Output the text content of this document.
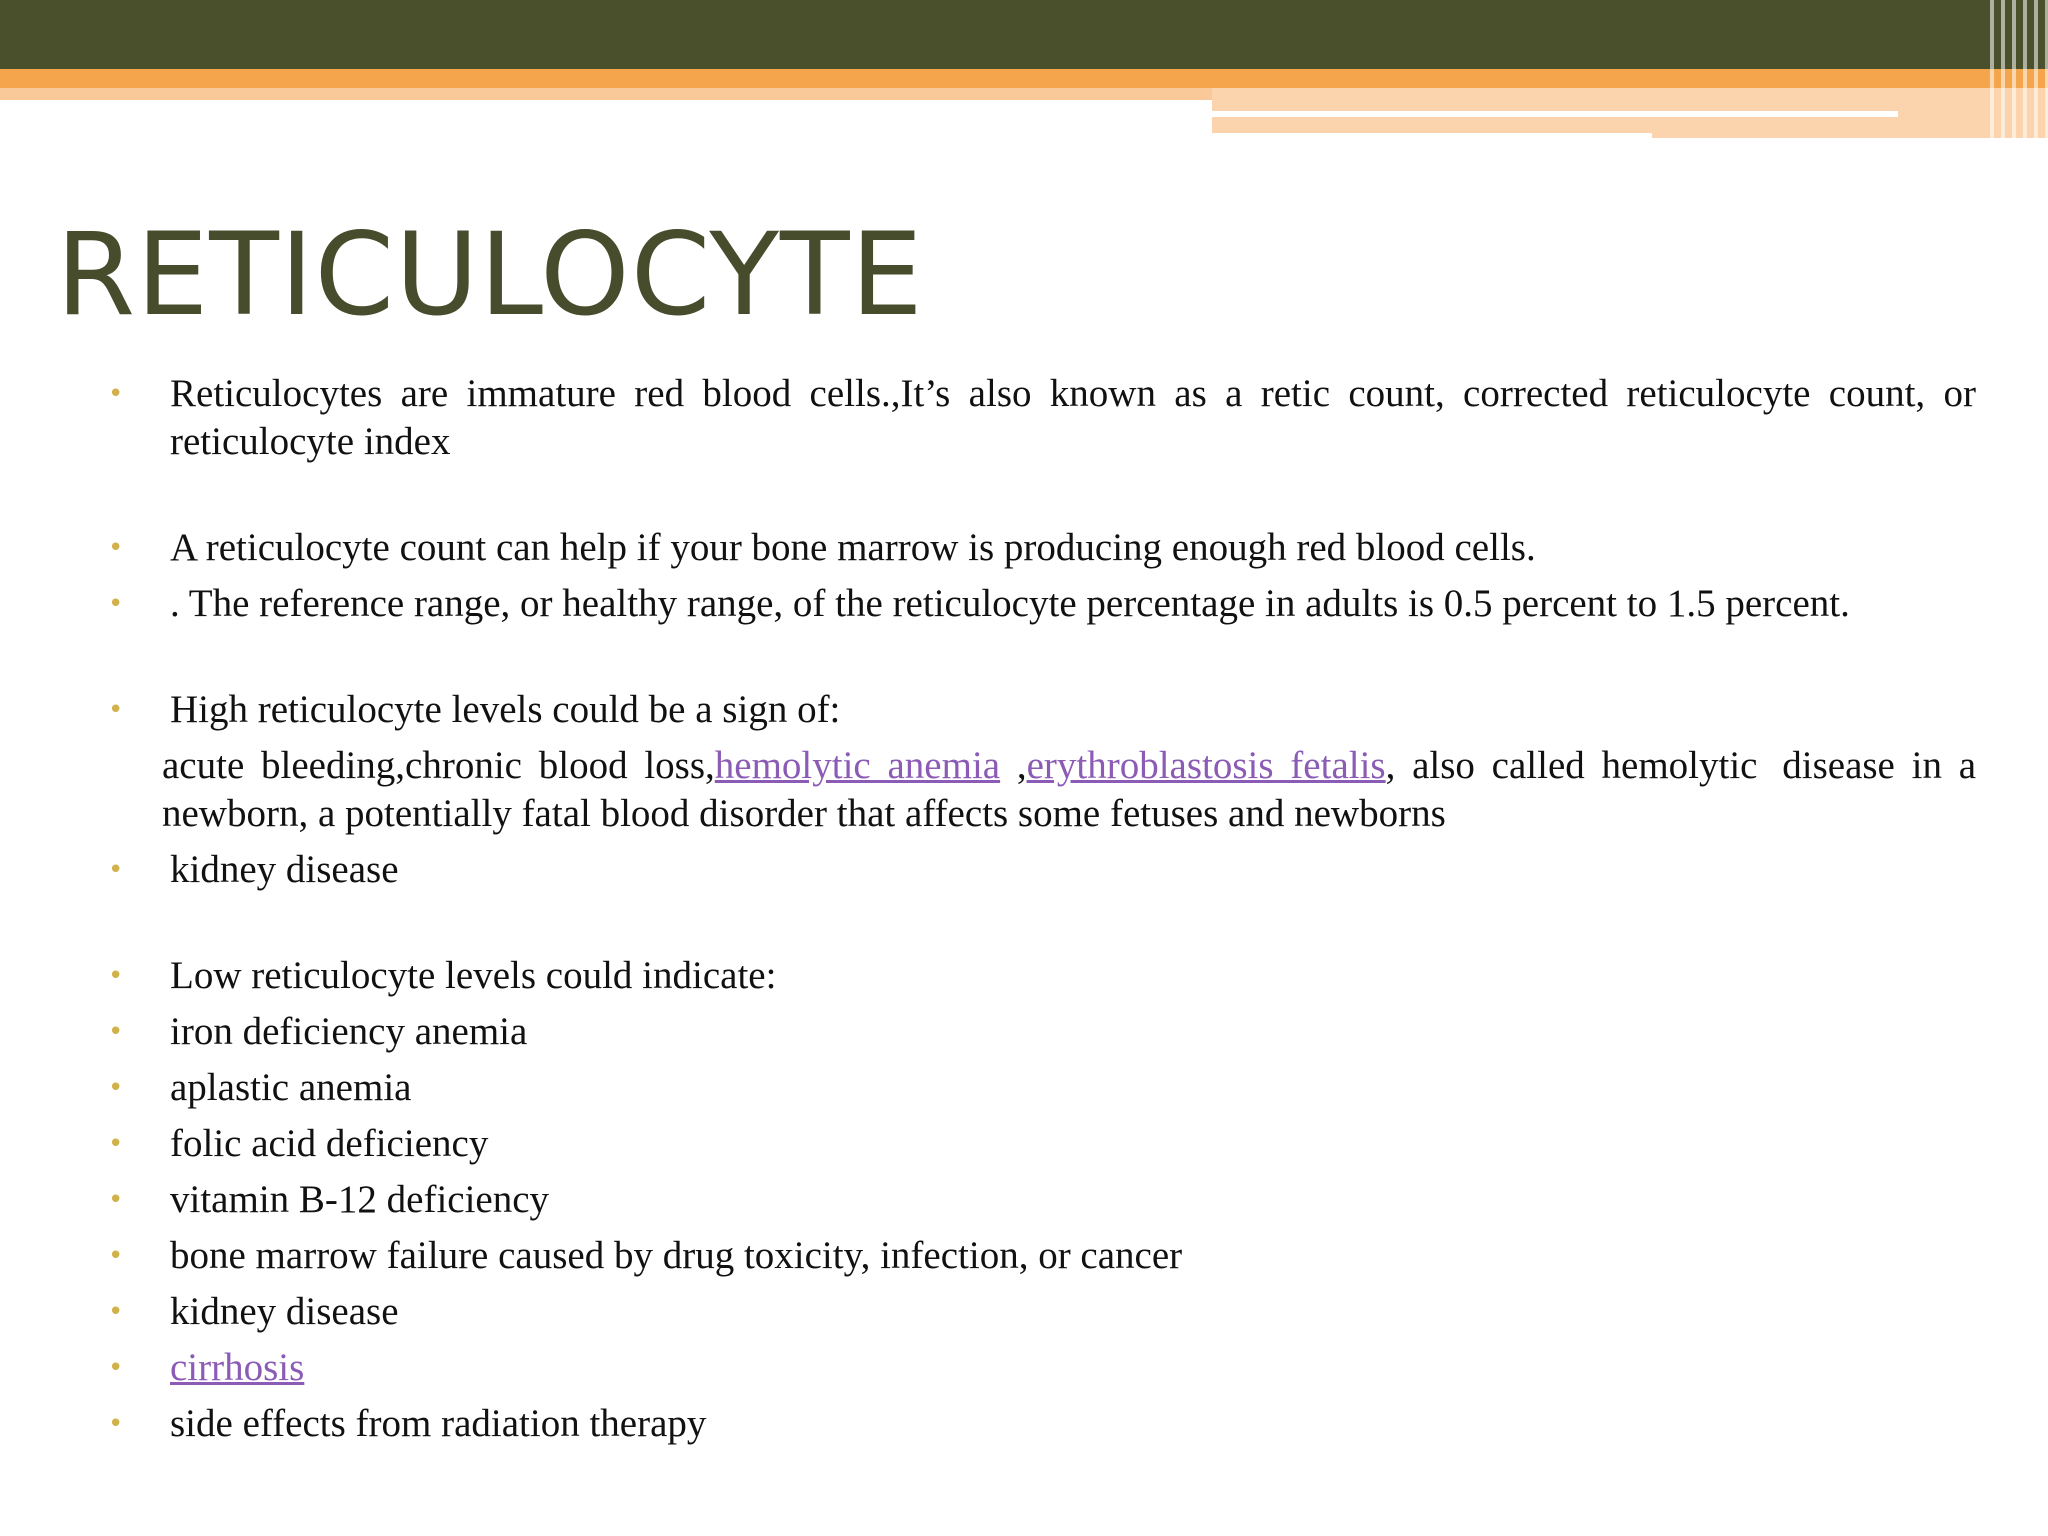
RETICULOCYTE

• Reticulocytes are immature red blood cells.,It’s also known as a retic count, corrected reticulocyte count, or reticulocyte index

• A reticulocyte count can help if your bone marrow is producing enough red blood cells.

• . The reference range, or healthy range, of the reticulocyte percentage in adults is 0.5 percent to 1.5 percent.

• High reticulocyte levels could be a sign of:

acute bleeding,chronic blood loss,hemolytic anemia ,erythroblastosis fetalis, also called hemolytic disease in a newborn, a potentially fatal blood disorder that affects some fetuses and newborns

• kidney disease

• Low reticulocyte levels could indicate:

• iron deficiency anemia

• aplastic anemia

• folic acid deficiency

• vitamin B-12 deficiency

• bone marrow failure caused by drug toxicity, infection, or cancer

• kidney disease

• cirrhosis

• side effects from radiation therapy
